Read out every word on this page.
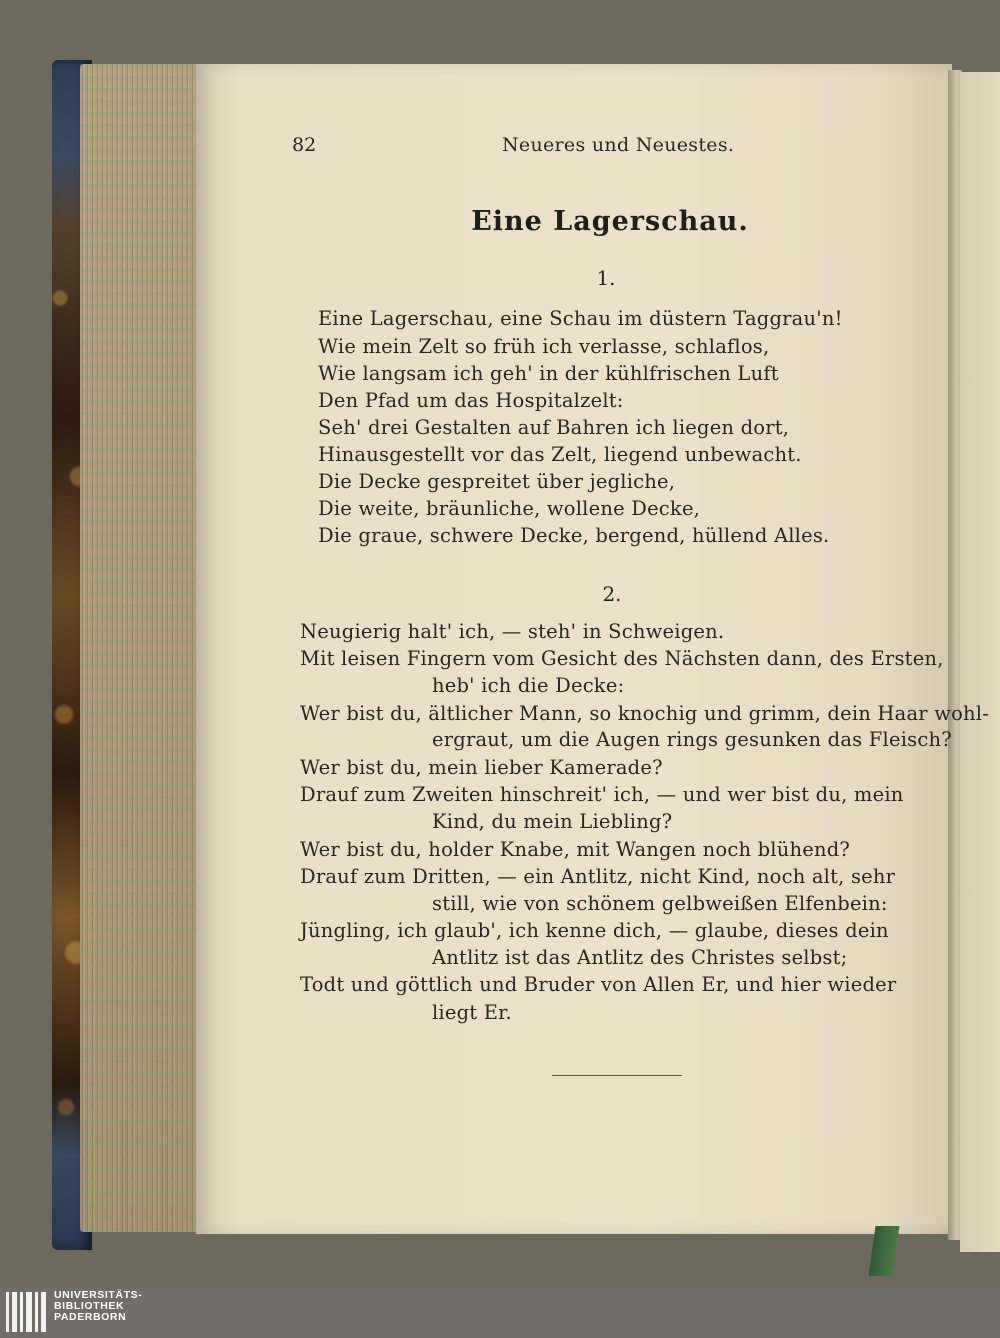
82	Neueres und Neuestes.
Eine Lagerschau.
1.
Eine Lagerschau, eine Schau im düstern Taggrau'n!
Wie mein Zelt so früh ich verlasse, schlaflos,
Wie langsam ich geh' in der kühlfrischen Luft
Den Pfad um das Hospitalzelt:
Seh' drei Gestalten auf Bahren ich liegen dort,
Hinausgestellt vor das Zelt, liegend unbewacht.
Die Decke gespreitet über jegliche,
Die weite, bräunliche, wollene Decke,
Die graue, schwere Decke, bergend, hüllend Alles.
2.
Neugierig halt' ich, — steh' in Schweigen.
Mit leisen Fingern vom Gesicht des Nächsten dann, des Ersten,
heb' ich die Decke:
Wer bist du, ältlicher Mann, so knochig und grimm, dein Haar wohl-
ergraut, um die Augen rings gesunken das Fleisch?
Wer bist du, mein lieber Kamerade?
Drauf zum Zweiten hinschreit' ich, — und wer bist du, mein
Kind, du mein Liebling?
Wer bist du, holder Knabe, mit Wangen noch blühend?
Drauf zum Dritten, — ein Antlitz, nicht Kind, noch alt, sehr
still, wie von schönem gelbweißen Elfenbein:
Jüngling, ich glaub', ich kenne dich, — glaube, dieses dein
Antlitz ist das Antlitz des Christes selbst;
Todt und göttlich und Bruder von Allen Er, und hier wieder
liegt Er.
UNIVERSITÄTS-
BIBLIOTHEK
PADERBORN
